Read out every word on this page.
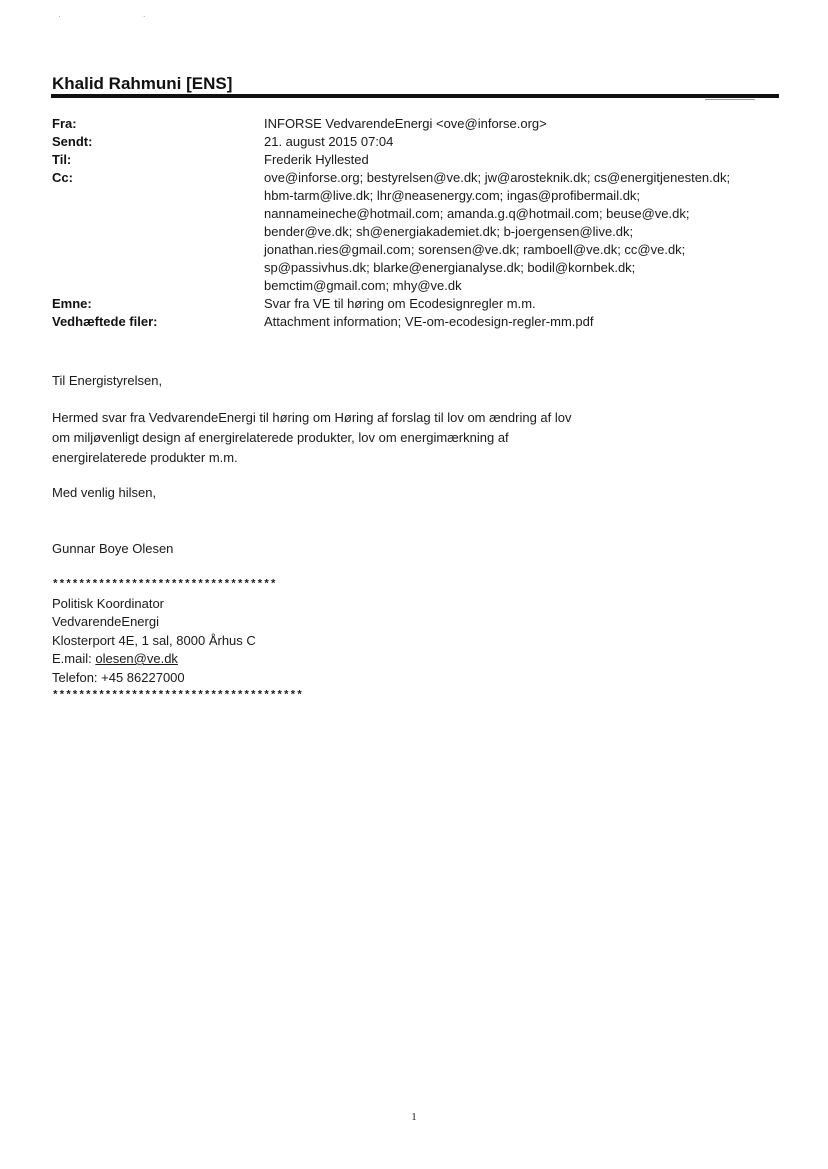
· ·
Khalid Rahmuni [ENS]
Fra:	INFORSE VedvarendeEnergi <ove@inforse.org>
Sendt:	21. august 2015 07:04
Til:	Frederik Hyllested
Cc:	ove@inforse.org; bestyrelsen@ve.dk; jw@arosteknik.dk; cs@energitjenesten.dk;
hbm-tarm@live.dk; lhr@neasenergy.com; ingas@profibermail.dk;
nannameineche@hotmail.com; amanda.g.q@hotmail.com; beuse@ve.dk;
bender@ve.dk; sh@energiakademiet.dk; b-joergensen@live.dk;
jonathan.ries@gmail.com; sorensen@ve.dk; ramboell@ve.dk; cc@ve.dk;
sp@passivhus.dk; blarke@energianalyse.dk; bodil@kornbek.dk;
bemctim@gmail.com; mhy@ve.dk
Emne:	Svar fra VE til høring om Ecodesignregler m.m.
Vedhæftede filer:	Attachment information; VE-om-ecodesign-regler-mm.pdf
Til Energistyrelsen,
Hermed svar fra VedvarendeEnergi til høring om Høring af forslag til lov om ændring af lov
om miljøvenligt design af energirelaterede produkter, lov om energimærkning af
energirelaterede produkter m.m.
Med venlig hilsen,
Gunnar Boye Olesen
**********************************
Politisk Koordinator
VedvarendeEnergi
Klosterport 4E, 1 sal, 8000 Århus C
E.mail: olesen@ve.dk
Telefon: +45 86227000
**************************************
1
